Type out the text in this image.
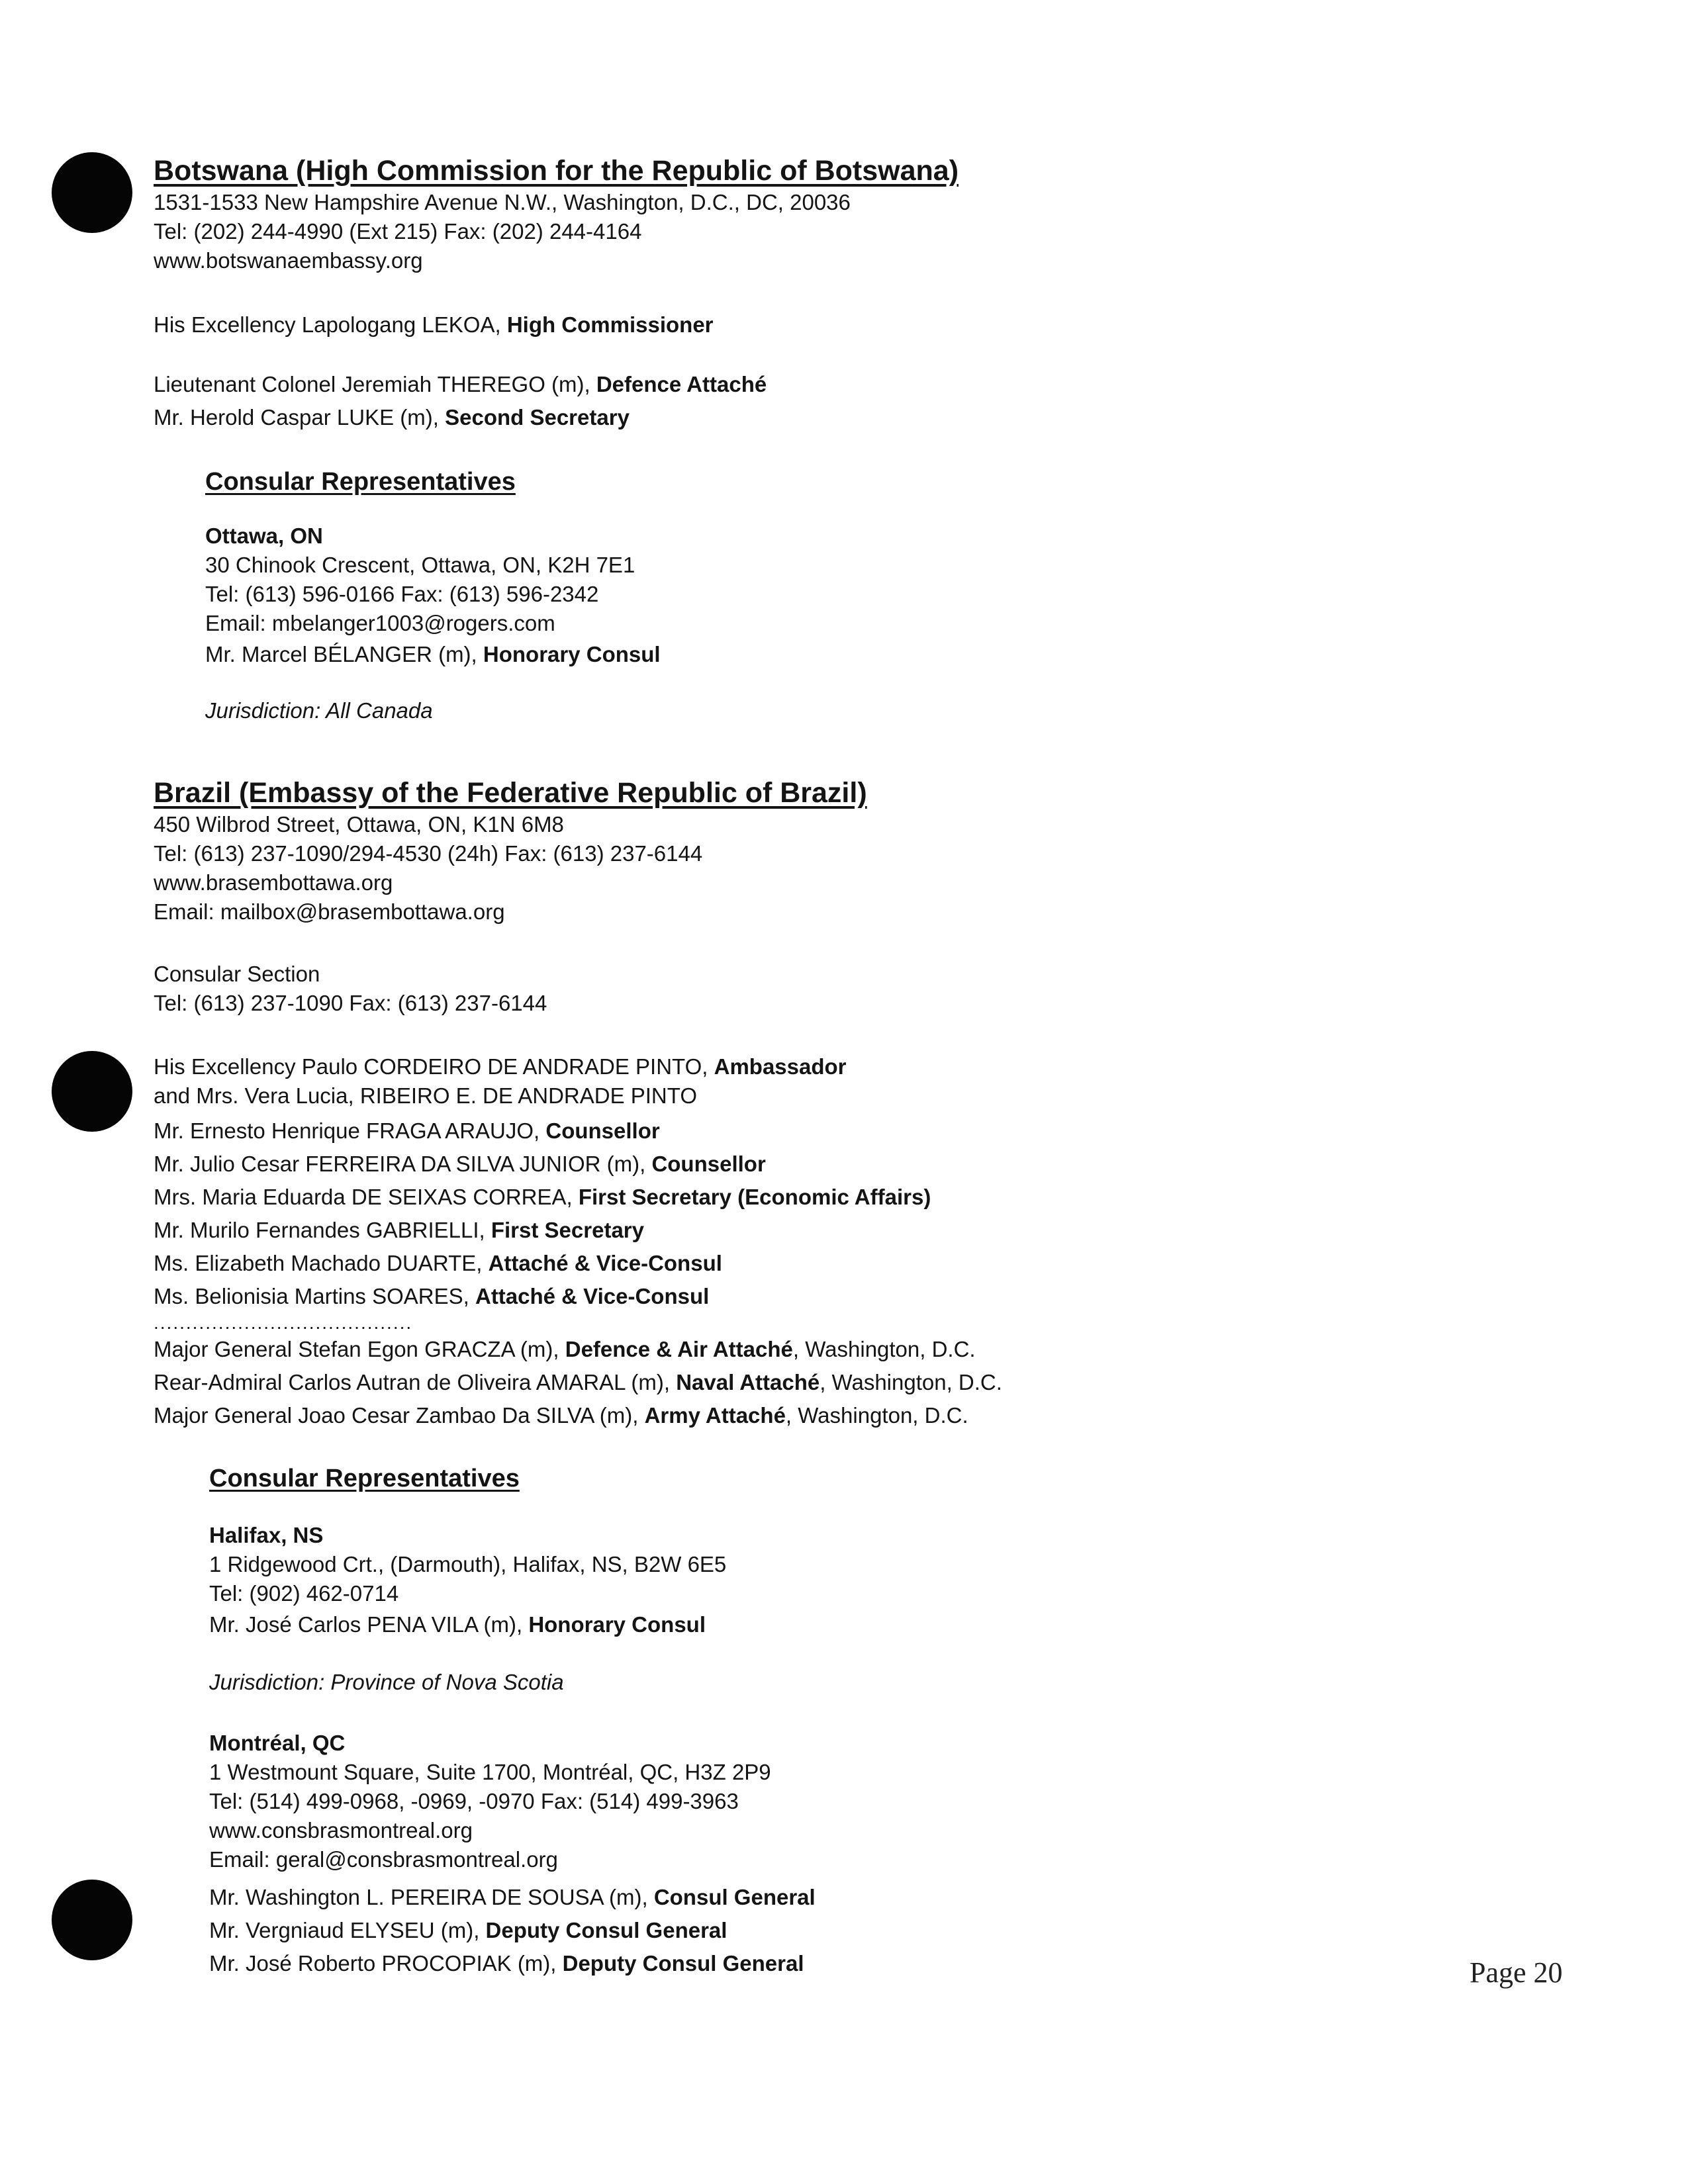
Botswana (High Commission for the Republic of Botswana)

1531-1533 New Hampshire Avenue N.W., Washington, D.C., DC, 20036

Tel: (202) 244-4990 (Ext 215) Fax: (202) 244-4164

www.botswanaembassy.org

His Excellency Lapologang LEKOA, High Commissioner

Lieutenant Colonel Jeremiah THEREGO (m), Defence Attaché

Mr. Herold Caspar LUKE (m), Second Secretary

Consular Representatives

Ottawa, ON

30 Chinook Crescent, Ottawa, ON, K2H 7E1

Tel: (613) 596-0166 Fax: (613) 596-2342

Email: mbelanger1003@rogers.com

Mr. Marcel BÉLANGER (m), Honorary Consul

Jurisdiction: All Canada

Brazil (Embassy of the Federative Republic of Brazil)

450 Wilbrod Street, Ottawa, ON, K1N 6M8

Tel: (613) 237-1090/294-4530 (24h) Fax: (613) 237-6144

www.brasembottawa.org

Email: mailbox@brasembottawa.org

Consular Section

Tel: (613) 237-1090 Fax: (613) 237-6144

His Excellency Paulo CORDEIRO DE ANDRADE PINTO, Ambassador

and Mrs. Vera Lucia, RIBEIRO E. DE ANDRADE PINTO

Mr. Ernesto Henrique FRAGA ARAUJO, Counsellor

Mr. Julio Cesar FERREIRA DA SILVA JUNIOR (m), Counsellor

Mrs. Maria Eduarda DE SEIXAS CORREA, First Secretary (Economic Affairs)

Mr. Murilo Fernandes GABRIELLI, First Secretary

Ms. Elizabeth Machado DUARTE, Attaché & Vice-Consul

Ms. Belionisia Martins SOARES, Attaché & Vice-Consul

........................................

Major General Stefan Egon GRACZA (m), Defence & Air Attaché, Washington, D.C.

Rear-Admiral Carlos Autran de Oliveira AMARAL (m), Naval Attaché, Washington, D.C.

Major General Joao Cesar Zambao Da SILVA (m), Army Attaché, Washington, D.C.

Consular Representatives

Halifax, NS

1 Ridgewood Crt., (Darmouth), Halifax, NS, B2W 6E5

Tel: (902) 462-0714

Mr. José Carlos PENA VILA (m), Honorary Consul

Jurisdiction: Province of Nova Scotia

Montréal, QC

1 Westmount Square, Suite 1700, Montréal, QC, H3Z 2P9

Tel: (514) 499-0968, -0969, -0970 Fax: (514) 499-3963

www.consbrasmontreal.org

Email: geral@consbrasmontreal.org

Mr. Washington L. PEREIRA DE SOUSA (m), Consul General

Mr. Vergniaud ELYSEU (m), Deputy Consul General

Mr. José Roberto PROCOPIAK (m), Deputy Consul General	Page 20
